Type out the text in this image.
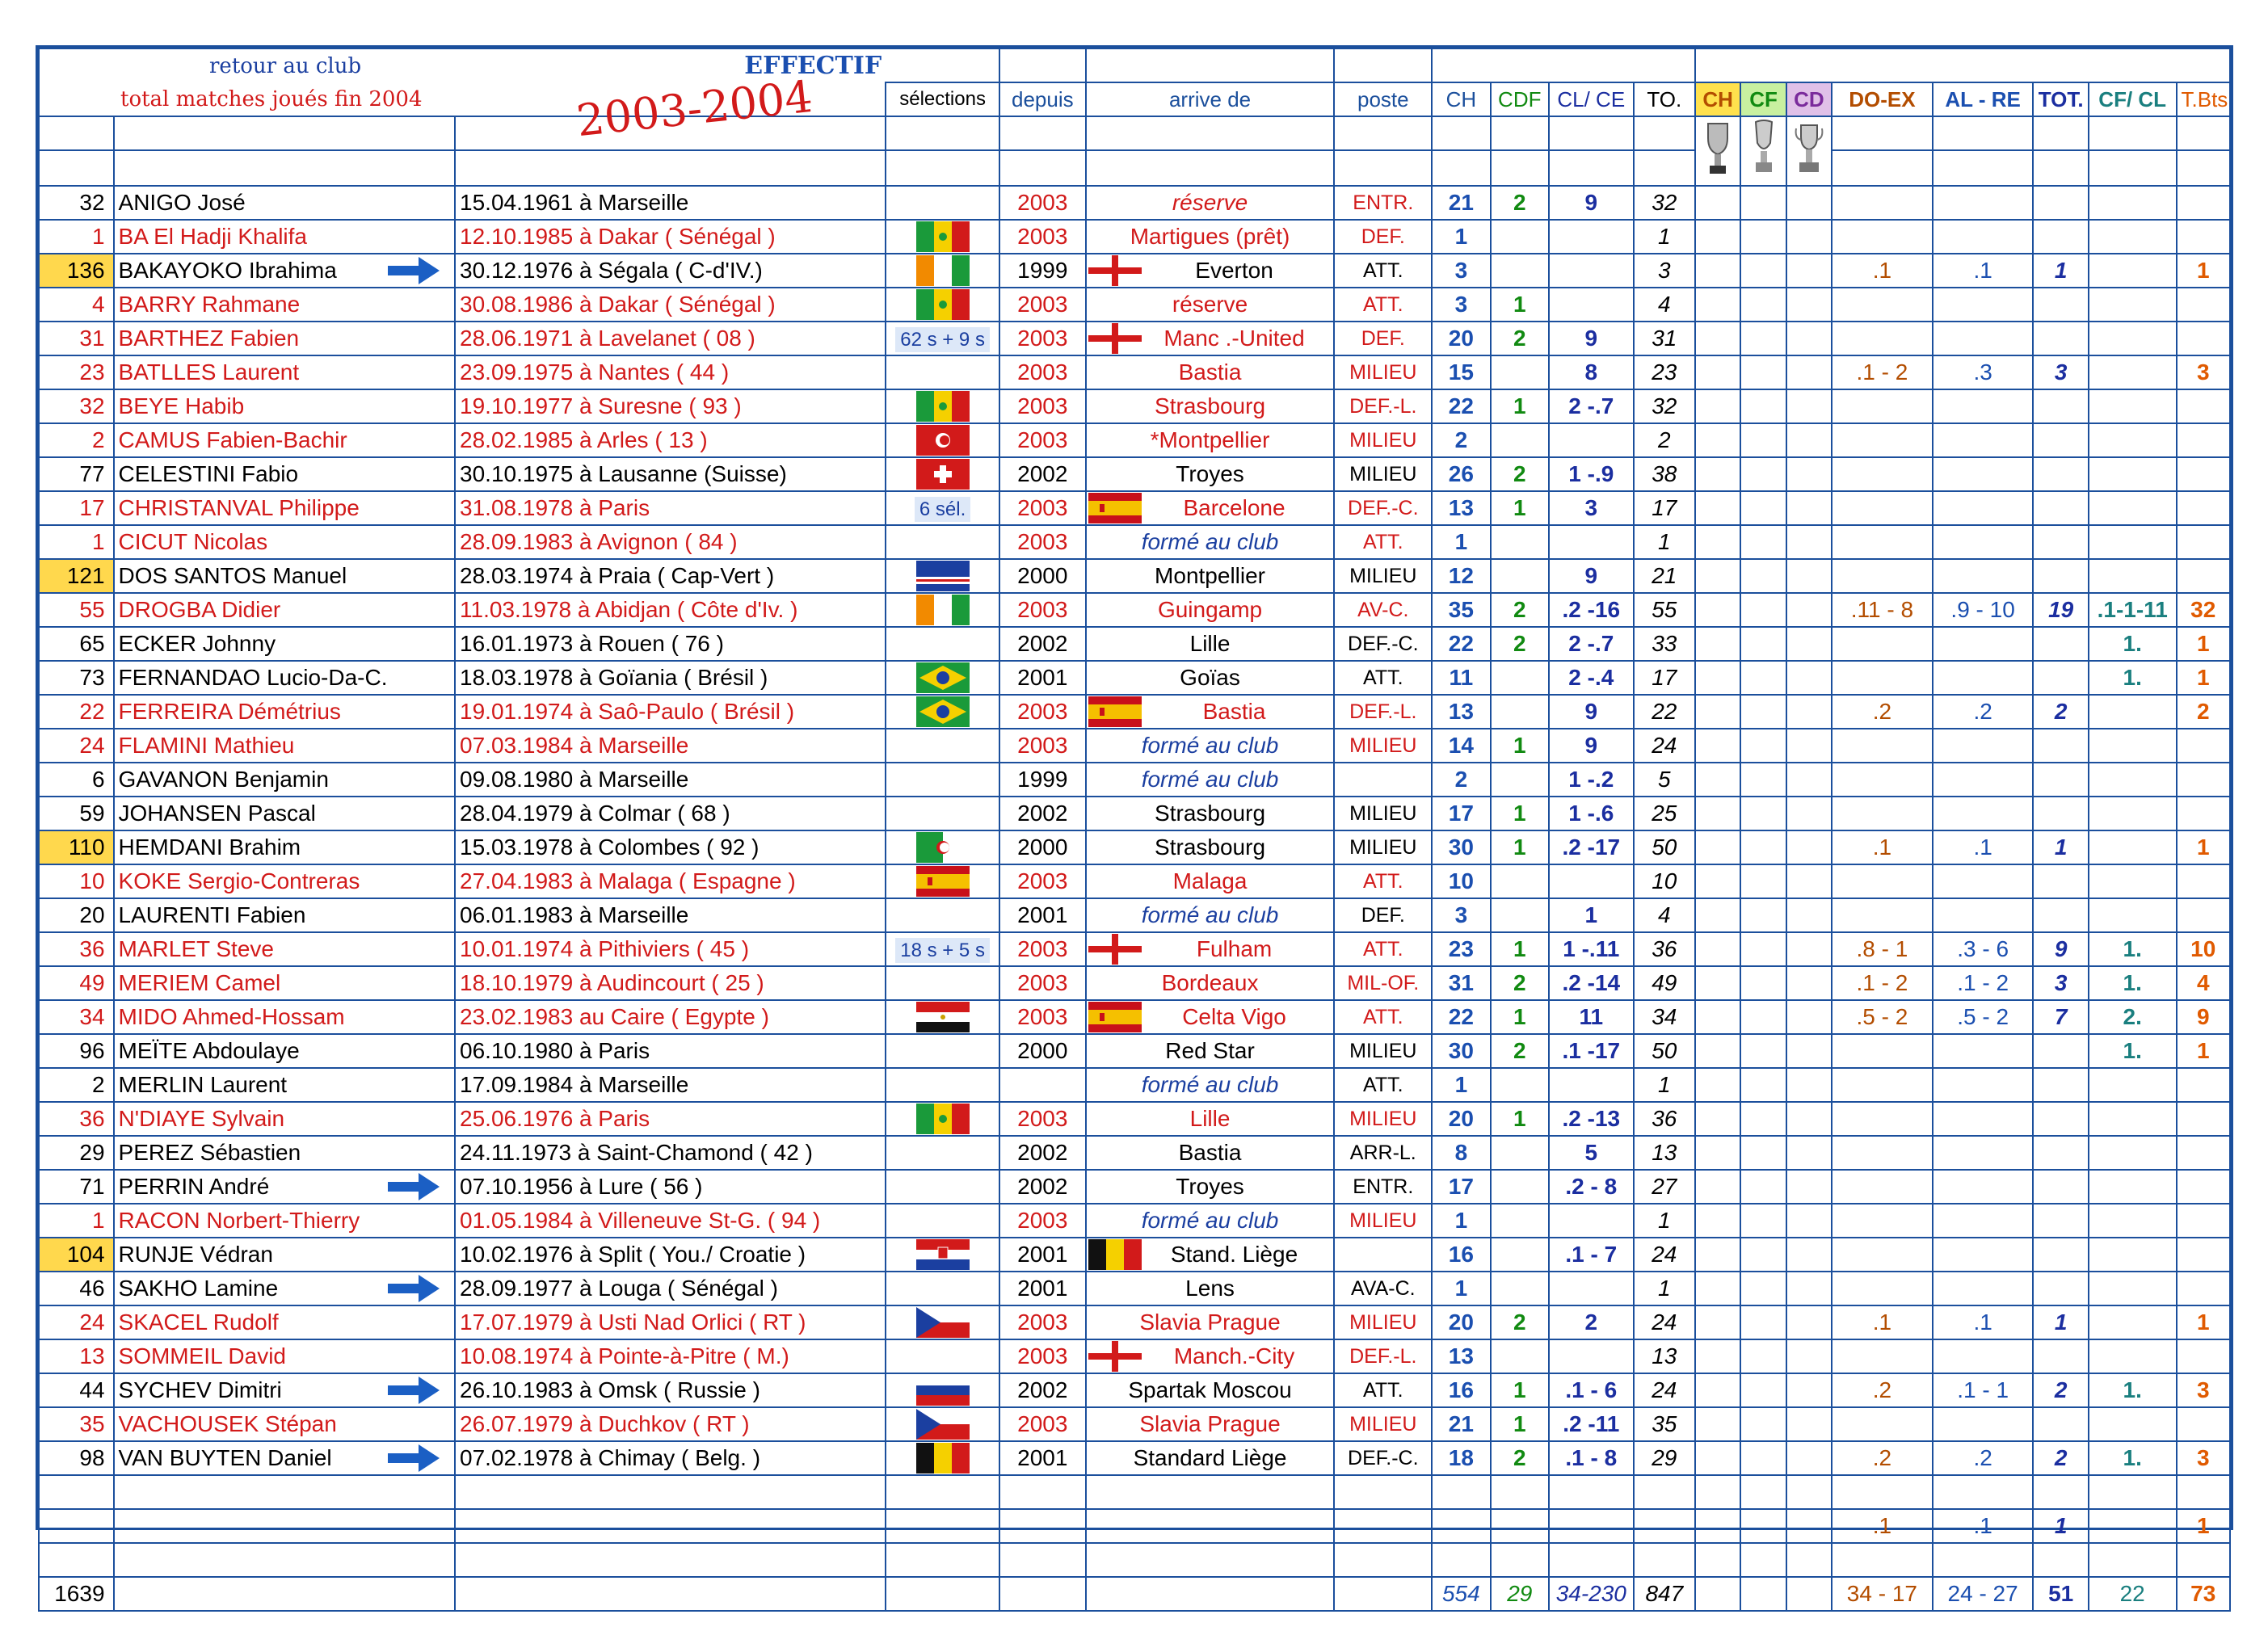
2003-2004
retour au club		EFFECTIF																
total matches joués fin 2004			sélections	depuis	arrive de	poste	CH	CDF	CL/ CE	TO.	CH	CF	CD	DO-EX	AL - RE	TOT.	CF/ CL	T.Bts

32	ANIGO José	15.04.1961 à Marseille		2003	réserve	ENTR.	21	2	9	32								
1	BA El Hadji Khalifa	12.10.1985 à Dakar ( Sénégal )		2003	Martigues (prêt)	DEF.	1			1								
136	BAKAYOKO Ibrahima	30.12.1976 à Ségala ( C-d'IV.)		1999	Everton	ATT.	3			3				.1	.1	1		1
4	BARRY Rahmane	30.08.1986 à Dakar ( Sénégal )		2003	réserve	ATT.	3	1		4								
31	BARTHEZ Fabien	28.06.1971 à Lavelanet ( 08 )	62 s + 9 s	2003	Manc .-United	DEF.	20	2	9	31								
23	BATLLES Laurent	23.09.1975 à Nantes ( 44 )		2003	Bastia	MILIEU	15		8	23				.1 - 2	.3	3		3
32	BEYE Habib	19.10.1977 à Suresne ( 93 )		2003	Strasbourg	DEF.-L.	22	1	2 -.7	32								
2	CAMUS Fabien-Bachir	28.02.1985 à Arles ( 13 )		2003	*Montpellier	MILIEU	2			2								
77	CELESTINI Fabio	30.10.1975 à Lausanne (Suisse)		2002	Troyes	MILIEU	26	2	1 -.9	38								
17	CHRISTANVAL Philippe	31.08.1978 à Paris	6 sél.	2003	Barcelone	DEF.-C.	13	1	3	17								
1	CICUT Nicolas	28.09.1983 à Avignon ( 84 )		2003	formé au club	ATT.	1			1								
121	DOS SANTOS Manuel	28.03.1974 à Praia ( Cap-Vert )		2000	Montpellier	MILIEU	12		9	21								
55	DROGBA Didier	11.03.1978 à Abidjan ( Côte d'Iv. )		2003	Guingamp	AV-C.	35	2	.2 -16	55				.11 - 8	.9 - 10	19	.1-1-11	32
65	ECKER Johnny	16.01.1973 à Rouen ( 76 )		2002	Lille	DEF.-C.	22	2	2 -.7	33							1.	1
73	FERNANDAO Lucio-Da-C.	18.03.1978 à Goïania ( Brésil )		2001	Goïas	ATT.	11		2 -.4	17							1.	1
22	FERREIRA Démétrius	19.01.1974 à Saô-Paulo ( Brésil )		2003	Bastia	DEF.-L.	13		9	22				.2	.2	2		2
24	FLAMINI Mathieu	07.03.1984 à Marseille		2003	formé au club	MILIEU	14	1	9	24								
6	GAVANON Benjamin	09.08.1980 à Marseille		1999	formé au club		2		1 -.2	5								
59	JOHANSEN Pascal	28.04.1979 à Colmar ( 68 )		2002	Strasbourg	MILIEU	17	1	1 -.6	25								
110	HEMDANI Brahim	15.03.1978 à Colombes ( 92 )		2000	Strasbourg	MILIEU	30	1	.2 -17	50				.1	.1	1		1
10	KOKE Sergio-Contreras	27.04.1983 à Malaga ( Espagne )		2003	Malaga	ATT.	10			10								
20	LAURENTI Fabien	06.01.1983 à Marseille		2001	formé au club	DEF.	3		1	4								
36	MARLET Steve	10.01.1974 à Pithiviers ( 45 )	18 s + 5 s	2003	Fulham	ATT.	23	1	1 -.11	36				.8 - 1	.3 - 6	9	1.	10
49	MERIEM Camel	18.10.1979 à Audincourt ( 25 )		2003	Bordeaux	MIL-OF.	31	2	.2 -14	49				.1 - 2	.1 - 2	3	1.	4
34	MIDO Ahmed-Hossam	23.02.1983 au Caire ( Egypte )		2003	Celta Vigo	ATT.	22	1	11	34				.5 - 2	.5 - 2	7	2.	9
96	MEÏTE Abdoulaye	06.10.1980 à Paris		2000	Red Star	MILIEU	30	2	.1 -17	50							1.	1
2	MERLIN Laurent	17.09.1984 à Marseille			formé au club	ATT.	1			1								
36	N'DIAYE Sylvain	25.06.1976 à Paris		2003	Lille	MILIEU	20	1	.2 -13	36								
29	PEREZ Sébastien	24.11.1973 à Saint-Chamond ( 42 )		2002	Bastia	ARR-L.	8		5	13								
71	PERRIN André	07.10.1956 à Lure ( 56 )		2002	Troyes	ENTR.	17		.2 - 8	27								
1	RACON Norbert-Thierry	01.05.1984 à Villeneuve St-G. ( 94 )		2003	formé au club	MILIEU	1			1								
104	RUNJE Védran	10.02.1976 à Split ( You./ Croatie )		2001	Stand. Liège		16		.1 - 7	24								
46	SAKHO Lamine	28.09.1977 à Louga ( Sénégal )		2001	Lens	AVA-C.	1			1								
24	SKACEL Rudolf	17.07.1979 à Usti Nad Orlici ( RT )		2003	Slavia Prague	MILIEU	20	2	2	24				.1	.1	1		1
13	SOMMEIL David	10.08.1974 à Pointe-à-Pitre ( M.)		2003	Manch.-City	DEF.-L.	13			13								
44	SYCHEV Dimitri	26.10.1983 à Omsk ( Russie )		2002	Spartak Moscou	ATT.	16	1	.1 - 6	24				.2	.1 - 1	2	1.	3
35	VACHOUSEK Stépan	26.07.1979 à Duchkov ( RT )		2003	Slavia Prague	MILIEU	21	1	.2 -11	35								
98	VAN BUYTEN Daniel	07.02.1978 à Chimay ( Belg. )		2001	Standard Liège	DEF.-C.	18	2	.1 - 8	29				.2	.2	2	1.	3

														.1	.1	1		1

1639							554	29	34-230	847				34 - 17	24 - 27	51	22	73
